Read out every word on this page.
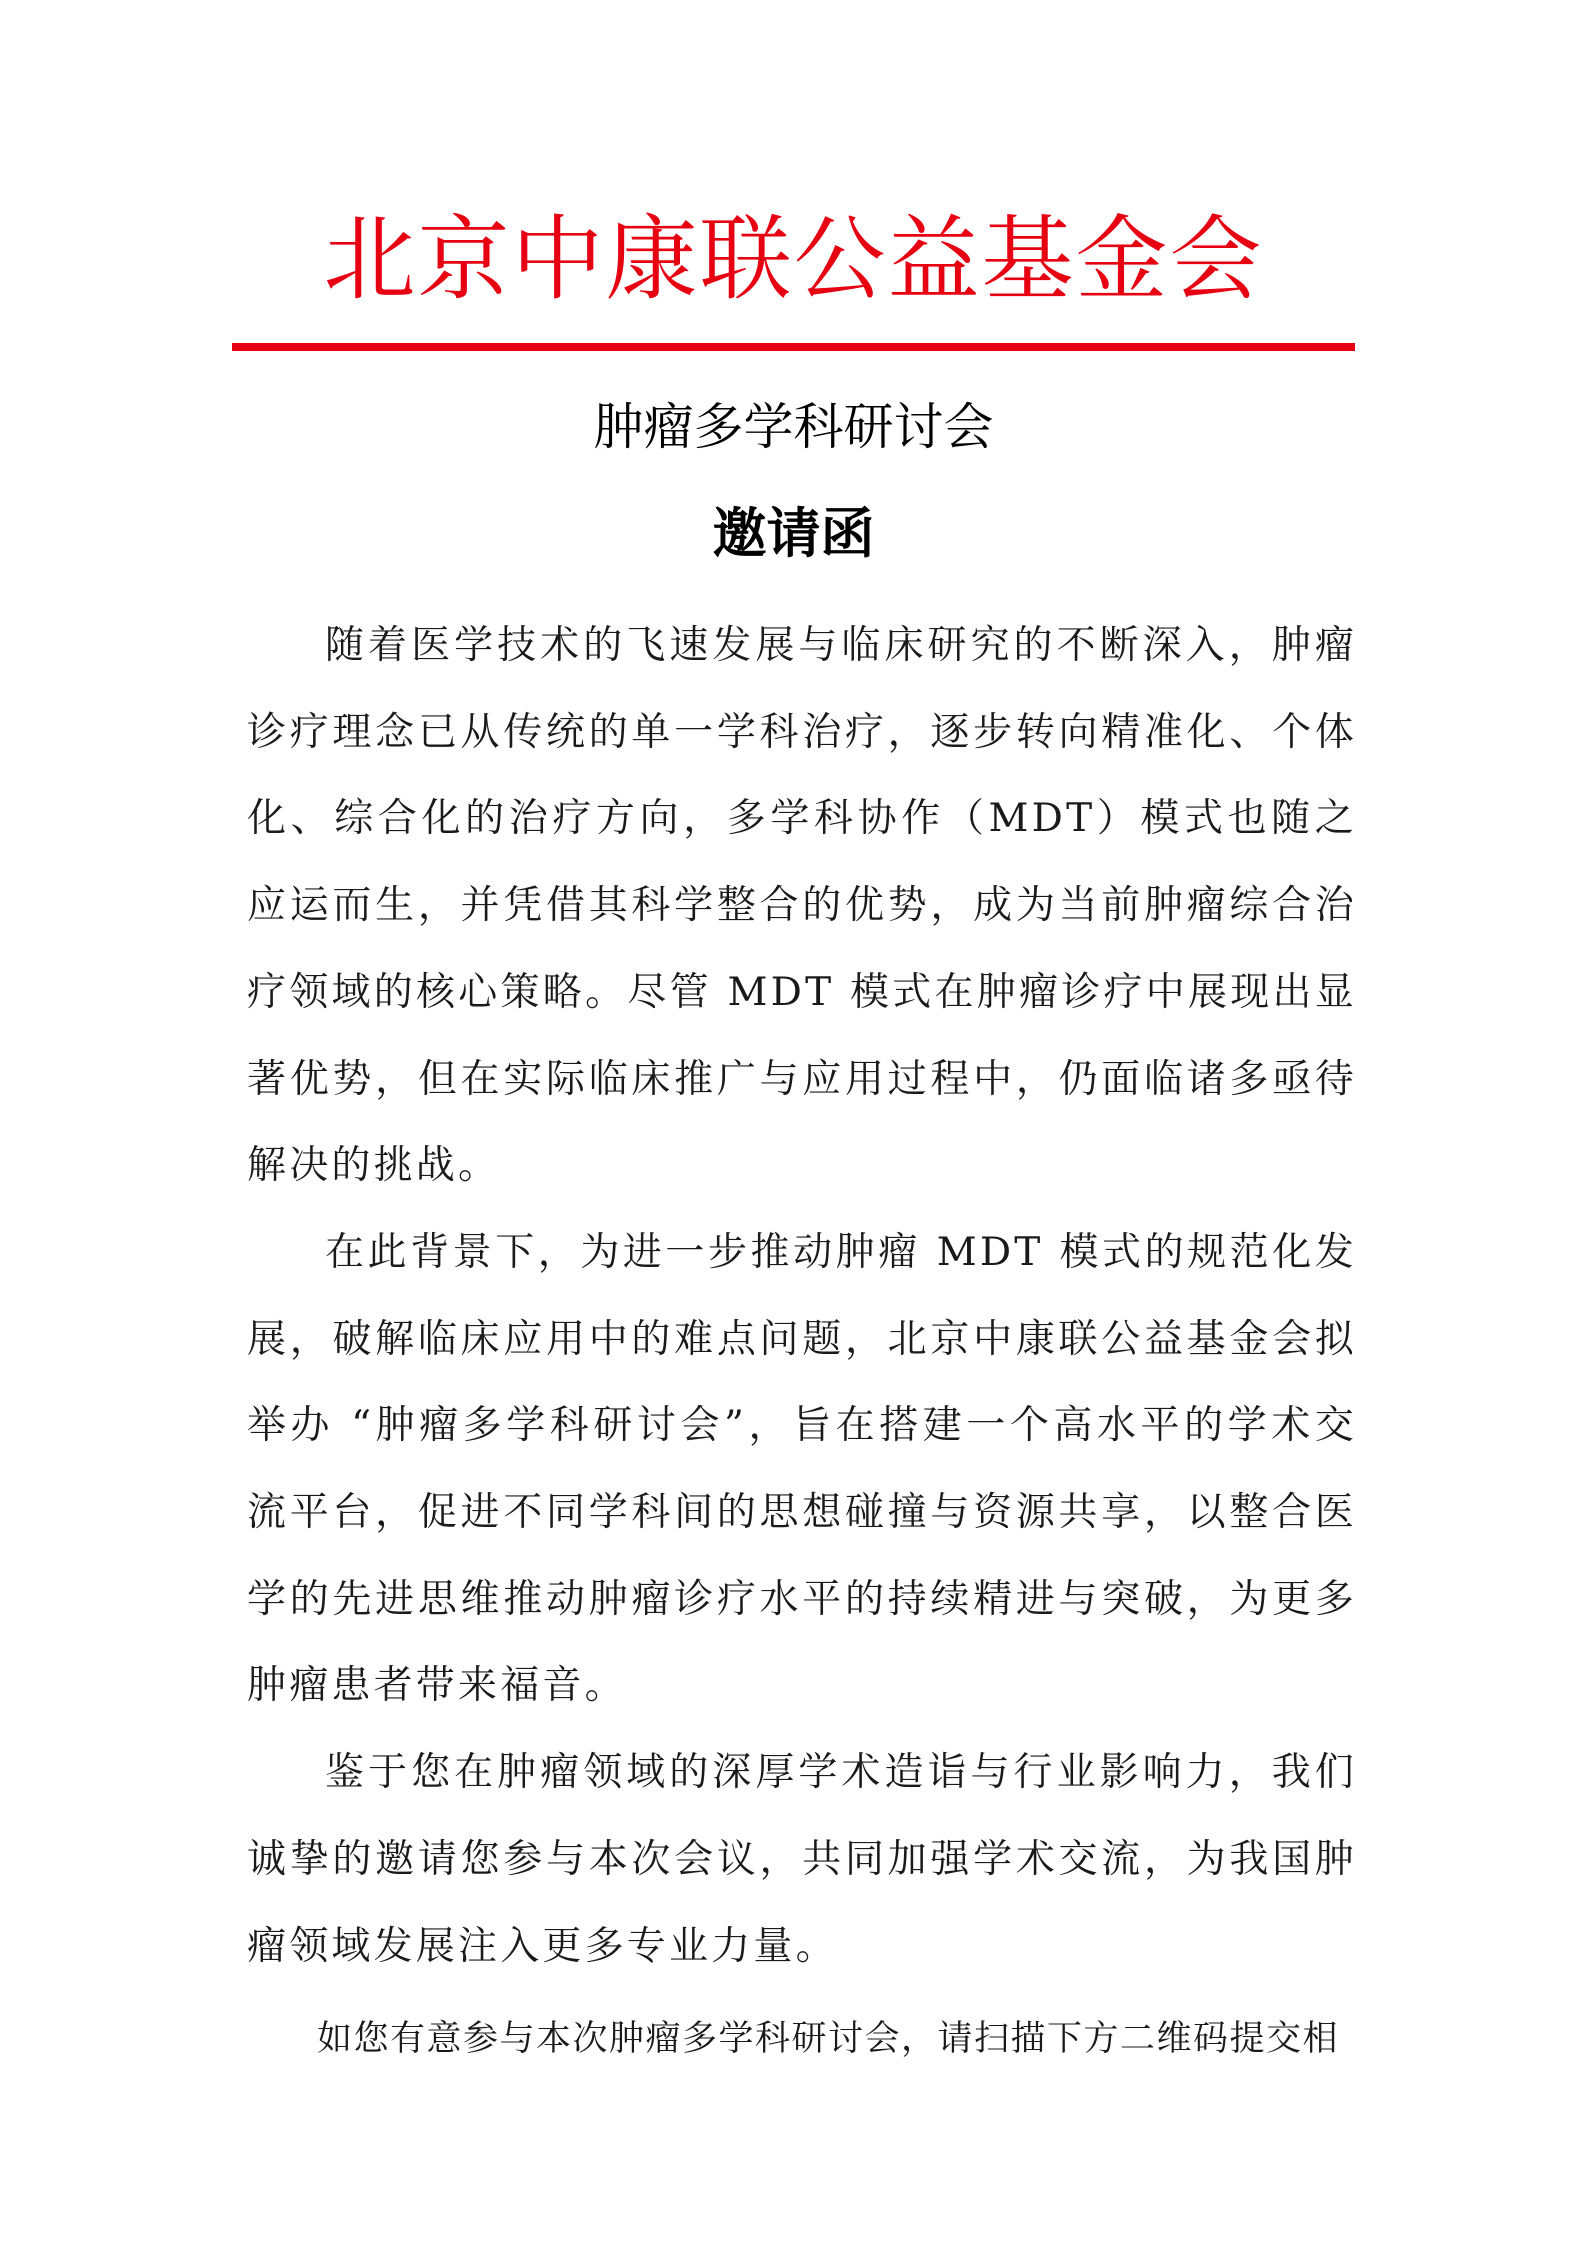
北京中康联公益基金会
肿瘤多学科研讨会
邀请函

随着医学技术的飞速发展与临床研究的不断深入，肿瘤诊疗理念已从传统的单一学科治疗，逐步转向精准化、个体化、综合化的治疗方向，多学科协作（MDT）模式也随之应运而生，并凭借其科学整合的优势，成为当前肿瘤综合治疗领域的核心策略。尽管 MDT 模式在肿瘤诊疗中展现出显著优势，但在实际临床推广与应用过程中，仍面临诸多亟待解决的挑战。

在此背景下，为进一步推动肿瘤 MDT 模式的规范化发展，破解临床应用中的难点问题，北京中康联公益基金会拟举办 “肿瘤多学科研讨会”，旨在搭建一个高水平的学术交流平台，促进不同学科间的思想碰撞与资源共享，以整合医学的先进思维推动肿瘤诊疗水平的持续精进与突破，为更多肿瘤患者带来福音。

鉴于您在肿瘤领域的深厚学术造诣与行业影响力，我们诚挚的邀请您参与本次会议，共同加强学术交流，为我国肿瘤领域发展注入更多专业力量。

如您有意参与本次肿瘤多学科研讨会，请扫描下方二维码提交相
